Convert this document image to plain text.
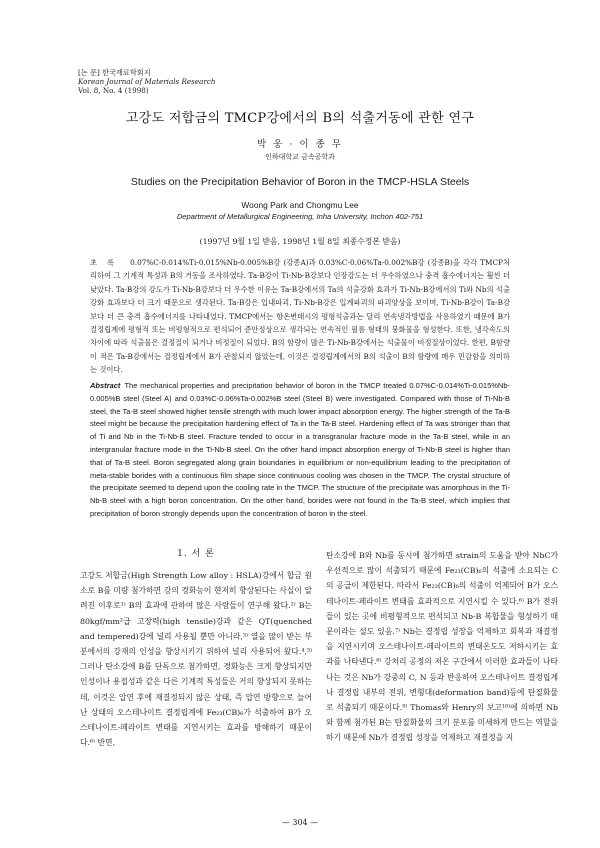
[논 문] 한국재료학회지
Korean Journal of Materials Research
Vol. 8, No. 4 (1998)
고강도 저합금의 TMCP강에서의 B의 석출거동에 관한 연구
박 웅 · 이 종 무
인하대학교 금속공학과
Studies on the Precipitation Behavior of Boron in the TMCP-HSLA Steels
Woong Park and Chongmu Lee
Department of Metallurgical Engineering, Inha University, Inchon 402-751
(1997년 9월 1일 받음, 1998년 1월 8일 최종수정본 받음)
초록 0.07%C-0.014%Ti-0.015%Nb-0.005%B강 (강종A)과 0.03%C-0.06%Ta-0.002%B강 (강종B)을 각각 TMCP처리하여 그 기계적 특성과 B의 거동을 조사하였다. Ta-B강이 Ti-Nb-B강보다 인장강도는 더 우수하였으나 충격 흡수에너지는 훨씬 더 낮았다. Ta-B강의 강도가 Ti-Nb-B강보다 더 우수한 이유는 Ta-B강에서의 Ta의 석출강화 효과가 Ti-Nb-B강에서의 Ti와 Nb의 석출강화 효과보다 더 크기 때문으로 생각된다. Ta-B강은 입내파괴, Ti-Nb-B강은 입계파괴의 파괴양상을 보이며, Ti-Nb-B강이 Ta-B강보다 더 큰 충격 흡수에너지를 나타내었다. TMCP에서는 항온변태시의 평형석출과는 달리 연속냉각방법을 사용하였기 때문에 B가 결정립계에 평형적 또는 비평형적으로 편석되어 준안정상으로 생각되는 연속적인 필름 형태의 붕화물을 형성한다. 또한, 냉각속도의 차이에 따라 석출물은 결정질이 되거나 비정질이 되었다. B의 함량이 많은 Ti-Nb-B강에서는 석출물이 비정질상이었다. 한편, B함량이 적은 Ta-B강에서는 결정립계에서 B가 관찰되지 않았는데, 이것은 결정립계에서의 B의 석출이 B의 함량에 매우 민감함을 의미하는 것이다.
Abstract The mechanical properties and precipitation behavior of boron in the TMCP treated 0.07%C-0.014%Ti-0.015%Nb-0.005%B steel (Steel A) and 0.03%C-0.06%Ta-0.002%B steel (Steel B) were investigated. Compared with those of Ti-Nb-B steel, the Ta-B steel showed higher tensile strength with much lower impact absorption energy. The higher strength of the Ta-B steel might be because the precipitation hardening effect of Ta in the Ta-B steel. Hardening effect of Ta was stronger than that of Ti and Nb in the Ti-Nb-B steel. Fracture tended to occur in a transgranular fracture mode in the Ta-B steel, while in an intergranular fracture mode in the Ti-Nb-B steel. On the other hand impact absorption energy of Ti-Nb-B steel is higher than that of Ta-B steel. Boron segregated along grain boundaries in equilibrium or non-equilibrium leading to the precipitation of meta-stable borides with a continuous film shape since continuous cooling was chosen in the TMCP. The crystal structure of the precipitate seemed to depend upon the cooling rate in the TMCP. The structure of the precipitate was amorphous in the Ti-Nb-B steel with a high boron concentration. On the other hand, borides were not found in the Ta-B steel, which implies that precipitation of boron strongly depends upon the concentration of boron in the steel.
1. 서 론
고강도 저합금(High Strength Low alloy : HSLA)강에서 합금 원소로 B를 미량 첨가하면 강의 경화능이 현저히 향상된다는 사실이 알려진 이후로¹⁾ B의 효과에 관하여 많은 사람들이 연구해 왔다.²⁾ B는 80kgf/mm²급 고장력(high tensile)강과 같은 QT(quenched and tempered)강에 널리 사용될 뿐만 아니라,³⁾ 열을 많이 받는 부분에서의 강재의 인성을 향상시키기 위하여 널리 사용되어 왔다.⁴,⁵⁾ 그러나 탄소강에 B를 단독으로 첨가하면, 경화능은 크게 향상되지만 인성이나 용접성과 같은 다른 기계적 특성들은 거의 향상되지 못하는데, 이것은 압연 후에 재결정되지 않은 상태, 즉 압연 방향으로 늘어난 상태의 오스테나이트 결정립계에 Fe₂₃(CB)₆가 석출하여 B가 오스테나이트-페라이트 변태를 지연시키는 효과를 방해하기 때문이다.⁶⁾ 반면,
탄소강에 B와 Nb를 동시에 첨가하면 strain의 도움을 받아 NbC가 우선적으로 많이 석출되기 때문에 Fe₂₃(CB)₆의 석출에 소요되는 C의 공급이 제한된다. 따라서 Fe₂₃(CB)₆의 석출이 억제되어 B가 오스테나이트-페라이트 변태를 효과적으로 지연시킬 수 있다.⁶⁾ B가 전위들이 있는 곳에 비평형적으로 편석되고 Nb-B 복합물을 형성하기 때문이라는 설도 있음.⁷⁾ Nb는 결정립 성장을 억제하고 회복과 재결정을 지연시키며 오스테나이트-페라이트의 변태온도도 저하시키는 효과를 나타낸다.⁸⁾ 강처리 공정의 저온 구간에서 이러한 효과들이 나타나는 것은 Nb가 강중의 C, N 등과 반응하여 오스테나이트 결정립계나 결정립 내부의 전위, 변형대(deformation band)등에 탄질화물로 석출되기 때문이다.⁹⁾ Thomas와 Henry의 보고¹⁰⁾에 의하면 Nb와 함께 첨가된 B는 탄질화물의 크기 분포를 미세하게 만드는 역할을 하기 때문에 Nb가 결정립 성장을 억제하고 재결정을 지
— 304 —
